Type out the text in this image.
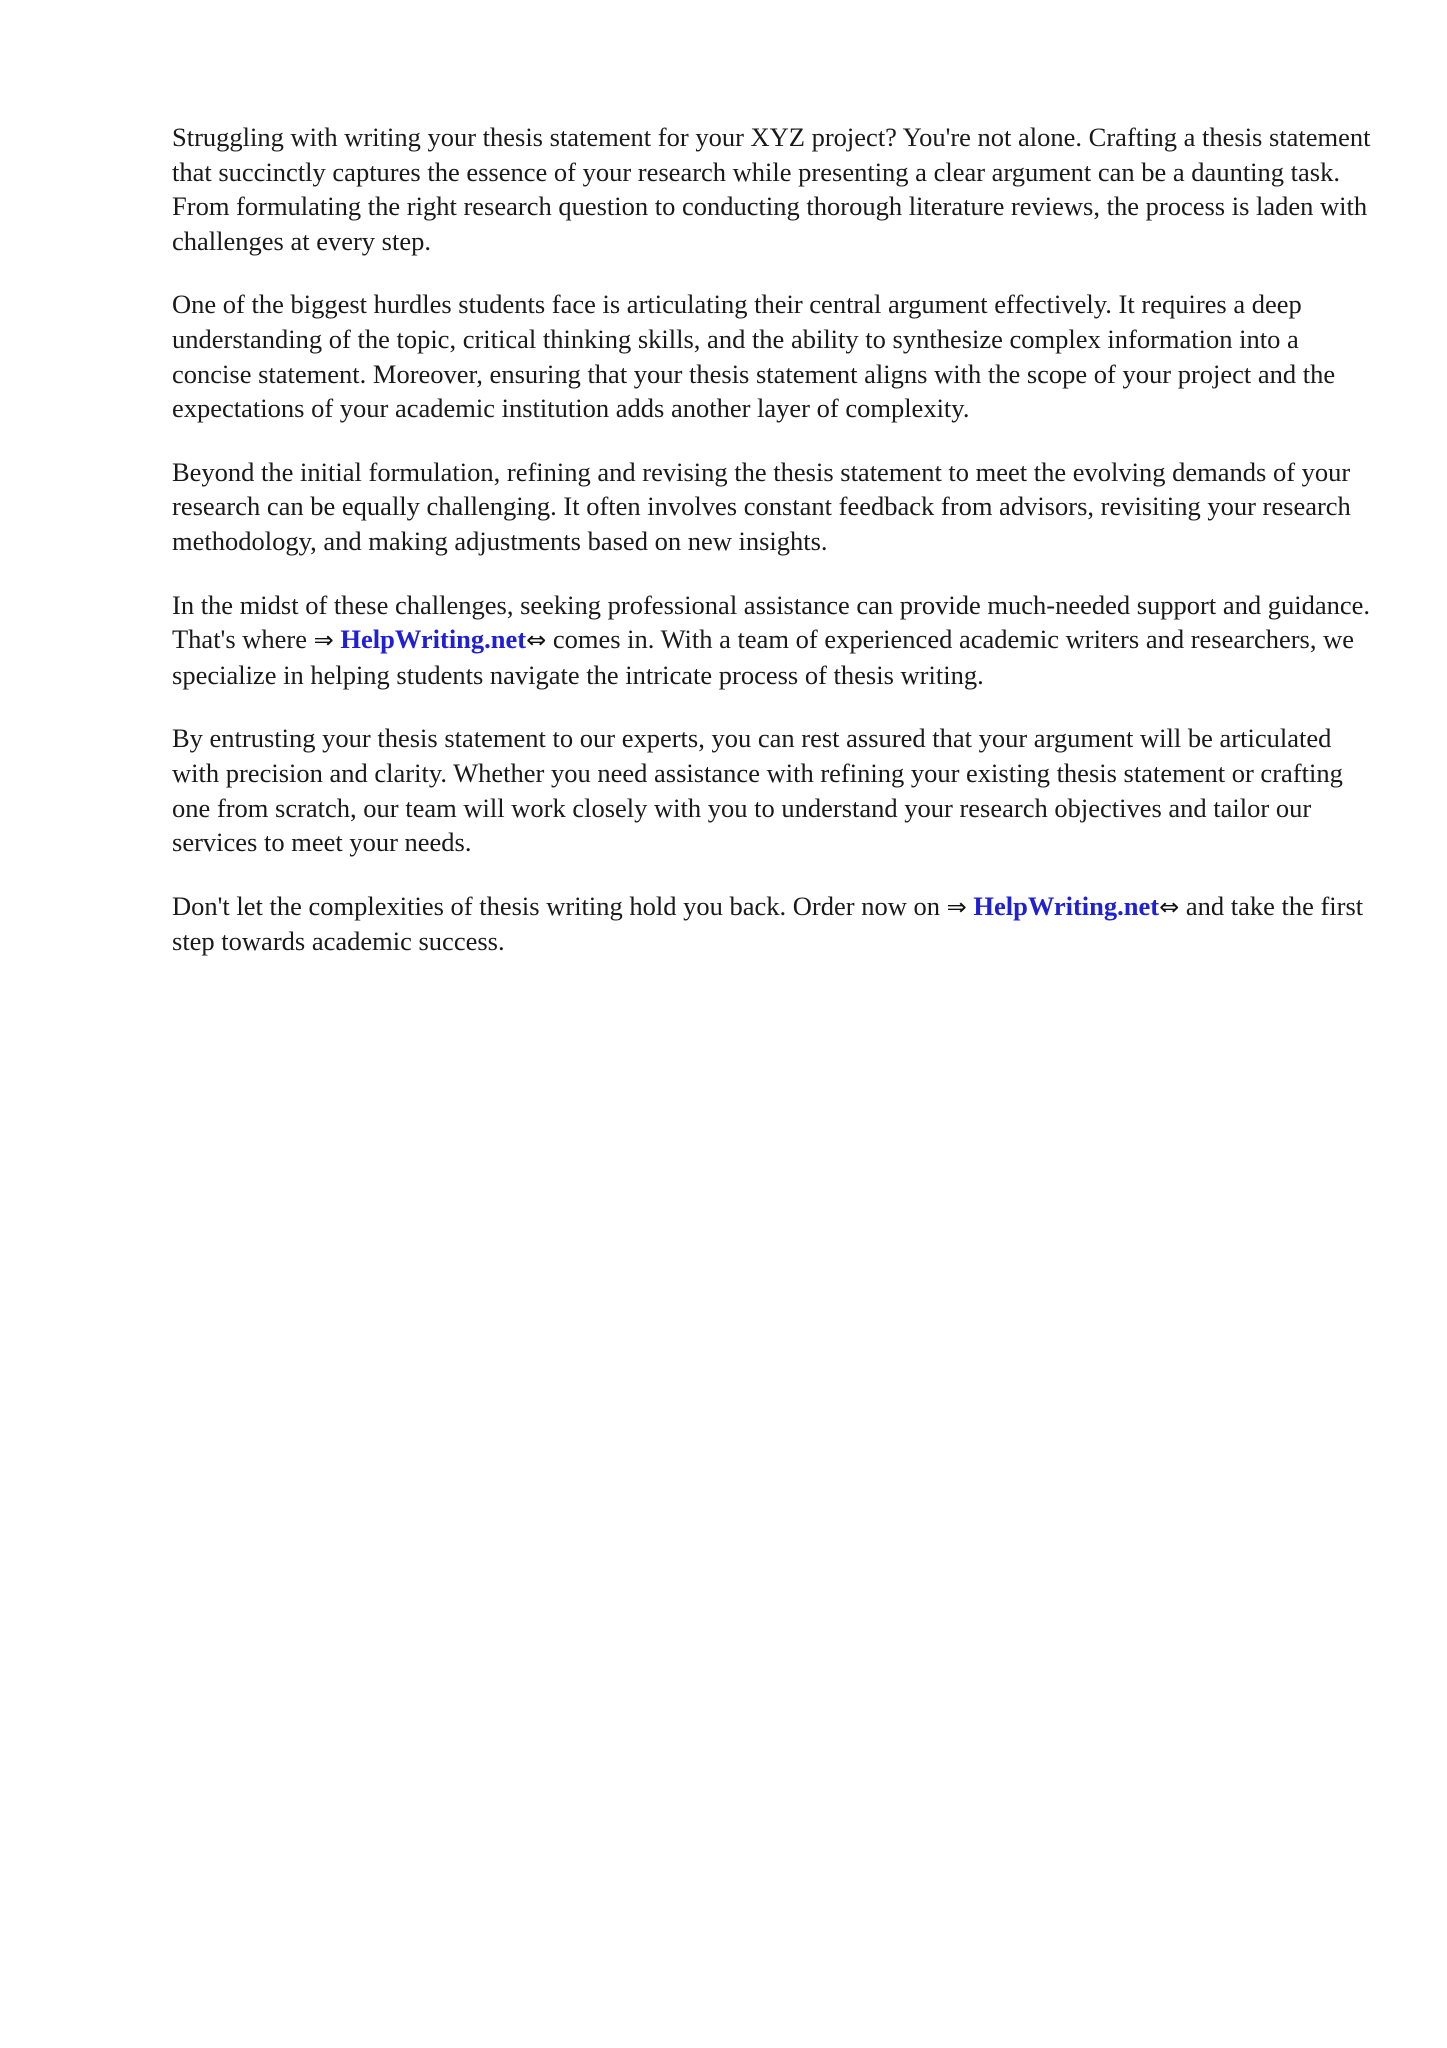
Struggling with writing your thesis statement for your XYZ project? You're not alone. Crafting a thesis statement that succinctly captures the essence of your research while presenting a clear argument can be a daunting task. From formulating the right research question to conducting thorough literature reviews, the process is laden with challenges at every step.

One of the biggest hurdles students face is articulating their central argument effectively. It requires a deep understanding of the topic, critical thinking skills, and the ability to synthesize complex information into a concise statement. Moreover, ensuring that your thesis statement aligns with the scope of your project and the expectations of your academic institution adds another layer of complexity.

Beyond the initial formulation, refining and revising the thesis statement to meet the evolving demands of your research can be equally challenging. It often involves constant feedback from advisors, revisiting your research methodology, and making adjustments based on new insights.

In the midst of these challenges, seeking professional assistance can provide much-needed support and guidance. That's where ⇒ HelpWriting.net⇔ comes in. With a team of experienced academic writers and researchers, we specialize in helping students navigate the intricate process of thesis writing.

By entrusting your thesis statement to our experts, you can rest assured that your argument will be articulated with precision and clarity. Whether you need assistance with refining your existing thesis statement or crafting one from scratch, our team will work closely with you to understand your research objectives and tailor our services to meet your needs.

Don't let the complexities of thesis writing hold you back. Order now on ⇒ HelpWriting.net⇔ and take the first step towards academic success.
